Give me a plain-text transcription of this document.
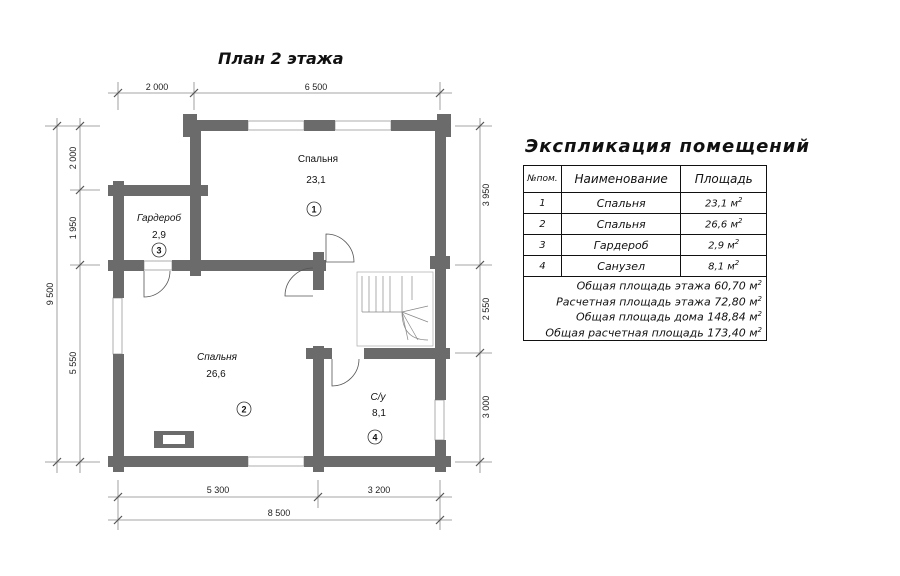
2 000	6 500
5 300	3 200
8 500
2 000
1 950
5 550
9 500
3 950
2 550
3 000
Спальня
23,1
Гардероб
2,9
Спальня
26,6
С/у
8,1
1
3
2
4
План 2 этажа
Экспликация помещений
№пом.	Наименование	Площадь
1	Спальня	23,1 $м^2$
2	Спальня	26,6 $м^2$
3	Гардероб	2,9 $м^2$
4	Санузел	8,1 $м^2$

Общая площадь этажа 60,70 $м^2$
Расчетная площадь этажа 72,80 $м^2$
Общая площадь дома 148,84 $м^2$
Общая расчетная площадь 173,40 $м^2$
